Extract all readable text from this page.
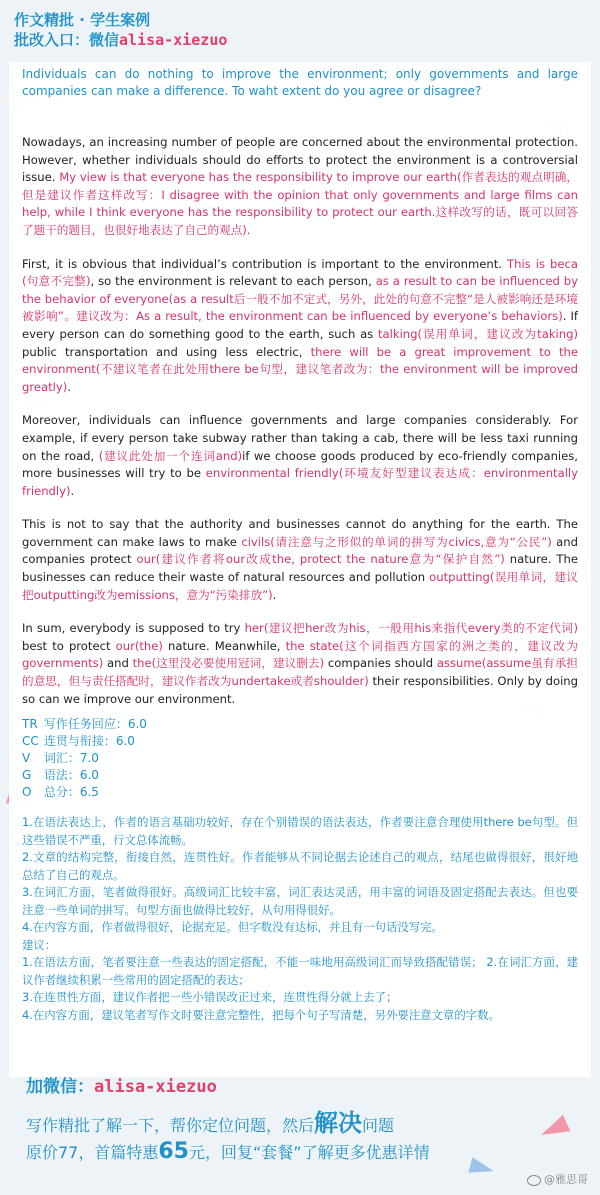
作文精批 · 学生案例
批改入口：微信alisa-xiezuo
Individuals can do nothing to improve the environment; only governments and large companies can make a difference. To waht extent do you agree or disagree?

Nowadays, an increasing number of people are concerned about the environmental protection. However, whether individuals should do efforts to protect the environment is a controversial issue. My view is that everyone has the responsibility to improve our earth(作者表达的观点明确，但是建议作者这样改写：I disagree with the opinion that only governments and large films can help, while I think everyone has the responsibility to protect our earth.这样改写的话，既可以回答了题干的题目，也很好地表达了自己的观点).

First, it is obvious that individual’s contribution is important to the environment. This is beca (句意不完整), so the environment is relevant to each person, as a result to can be influenced by the behavior of everyone(as a result后一般不加不定式，另外，此处的句意不完整“是人被影响还是环境被影响”。建议改为：As a result, the environment can be influenced by everyone’s behaviors). If every person can do something good to the earth, such as talking(误用单词，建议改为taking) public transportation and using less electric, there will be a great improvement to the environment(不建议笔者在此处用there be句型，建议笔者改为：the environment will be improved greatly).

Moreover, individuals can influence governments and large companies considerably. For example, if every person take subway rather than taking a cab, there will be less taxi running on the road, (建议此处加一个连词and)if we choose goods produced by eco-friendly companies, more businesses will try to be environmental friendly(环境友好型建议表达成：environmentally friendly).

This is not to say that the authority and businesses cannot do anything for the earth. The government can make laws to make civils(请注意与之形似的单词的拼写为civics,意为“公民”) and companies protect our(建议作者将our改成the, protect the nature意为“保护自然”) nature. The businesses can reduce their waste of natural resources and pollution outputting(误用单词，建议把outputting改为emissions，意为“污染排放”).

In sum, everybody is supposed to try her(建议把her改为his，一般用his来指代every类的不定代词) best to protect our(the) nature. Meanwhile, the state(这个词指西方国家的洲之类的，建议改为governments) and the(这里没必要使用冠词，建议删去) companies should assume(assume虽有承担的意思，但与责任搭配时，建议作者改为undertake或者shoulder) their responsibilities. Only by doing so can we improve our environment.

TR 写作任务回应：6.0
CC 连贯与衔接：6.0
V 词汇：7.0
G 语法：6.0
O 总分：6.5
1.在语法表达上，作者的语言基础功较好，存在个别错误的语法表达，作者要注意合理使用there be句型。但这些错误不严重，行文总体流畅。
2.文章的结构完整，衔接自然，连贯性好。作者能够从不同论据去论述自己的观点，结尾也做得很好，很好地总结了自己的观点。
3.在词汇方面，笔者做得很好。高级词汇比较丰富，词汇表达灵活，用丰富的词语及固定搭配去表达。但也要注意一些单词的拼写。句型方面也做得比较好，从句用得很好。
4.在内容方面，作者做得很好，论据充足。但字数没有达标，并且有一句话没写完。
建议：
1.在语法方面，笔者要注意一些表达的固定搭配，不能一味地用高级词汇而导致搭配错误； 2.在词汇方面，建议作者继续积累一些常用的固定搭配的表达；
3.在连贯性方面，建议作者把一些小错误改正过来，连贯性得分就上去了；
4.在内容方面，建议笔者写作文时要注意完整性，把每个句子写清楚，另外要注意文章的字数。
加微信：alisa-xiezuo
写作精批了解一下，帮你定位问题，然后解决问题
原价77，首篇特惠65元，回复“套餐”了解更多优惠详情
@雅思哥
